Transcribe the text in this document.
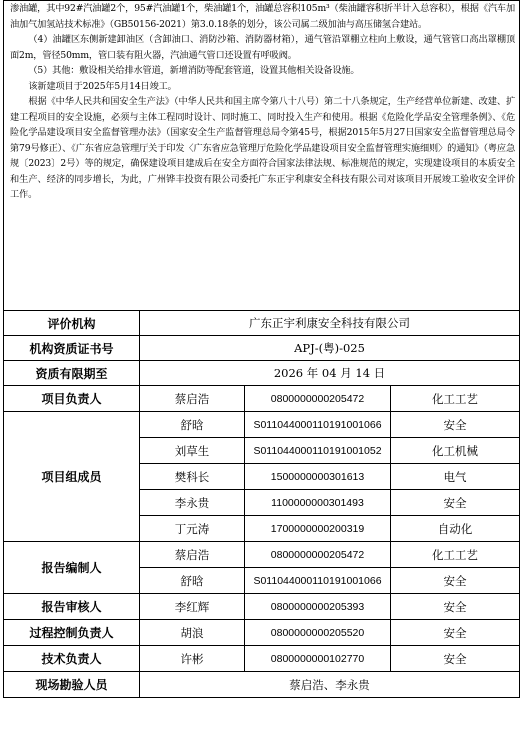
渗油罐，其中92#汽油罐2个，95#汽油罐1个，柴油罐1个，油罐总容积105m³（柴油罐容积折半计入总容积），根据《汽车加油加气加氢站技术标准》（GB50156-2021）第3.0.18条的划分，该公司属二级加油与高压储氢合建站。

（4）油罐区东侧新建卸油区（含卸油口、消防沙箱、消防器材箱），通气管沿罩棚立柱向上敷设，通气管管口高出罩棚顶面2m，管径50mm，管口装有阻火器，汽油通气管口还设置有呼吸阀。

（5）其他：敷设相关给排水管道，新增消防等配套管道，设置其他相关设备设施。

该新建项目于2025年5月14日竣工。

根据《中华人民共和国安全生产法》（中华人民共和国主席令第八十八号）第二十八条规定，生产经营单位新建、改建、扩建工程项目的安全设施，必须与主体工程同时设计、同时施工、同时投入生产和使用。根据《危险化学品安全管理条例》、《危险化学品建设项目安全监督管理办法》（国家安全生产监督管理总局令第45号，根据2015年5月27日国家安全监督管理总局令第79号修正）、《广东省应急管理厅关于印发〈广东省应急管理厅危险化学品建设项目安全监督管理实施细则〉的通知》（粤应急规〔2023〕2号）等的规定，确保建设项目建成后在安全方面符合国家法律法规、标准规范的规定，实现建设项目的本质安全和生产、经济的同步增长，为此，广州铧丰投资有限公司委托广东正宇利康安全科技有限公司对该项目开展竣工验收安全评价工作。			

评价机构	广东正宇利康安全科技有限公司		
机构资质证书号	APJ-(粤)-025		
资质有限期至	2026 年 04 月 14 日		
项目负责人	蔡启浩	0800000000205472	化工工艺
项目组成员	舒晗	S011044000110191001066	安全
	刘草生	S011044000110191001052	化工机械
	樊科长	1500000000301613	电气
	李永贵	1100000000301493	安全
	丁元涛	1700000000200319	自动化
报告编制人	蔡启浩	0800000000205472	化工工艺
	舒晗	S011044000110191001066	安全
报告审核人	李红辉	0800000000205393	安全
过程控制负责人	胡浪	0800000000205520	安全
技术负责人	许彬	0800000000102770	安全
现场勘验人员	蔡启浩、李永贵		
